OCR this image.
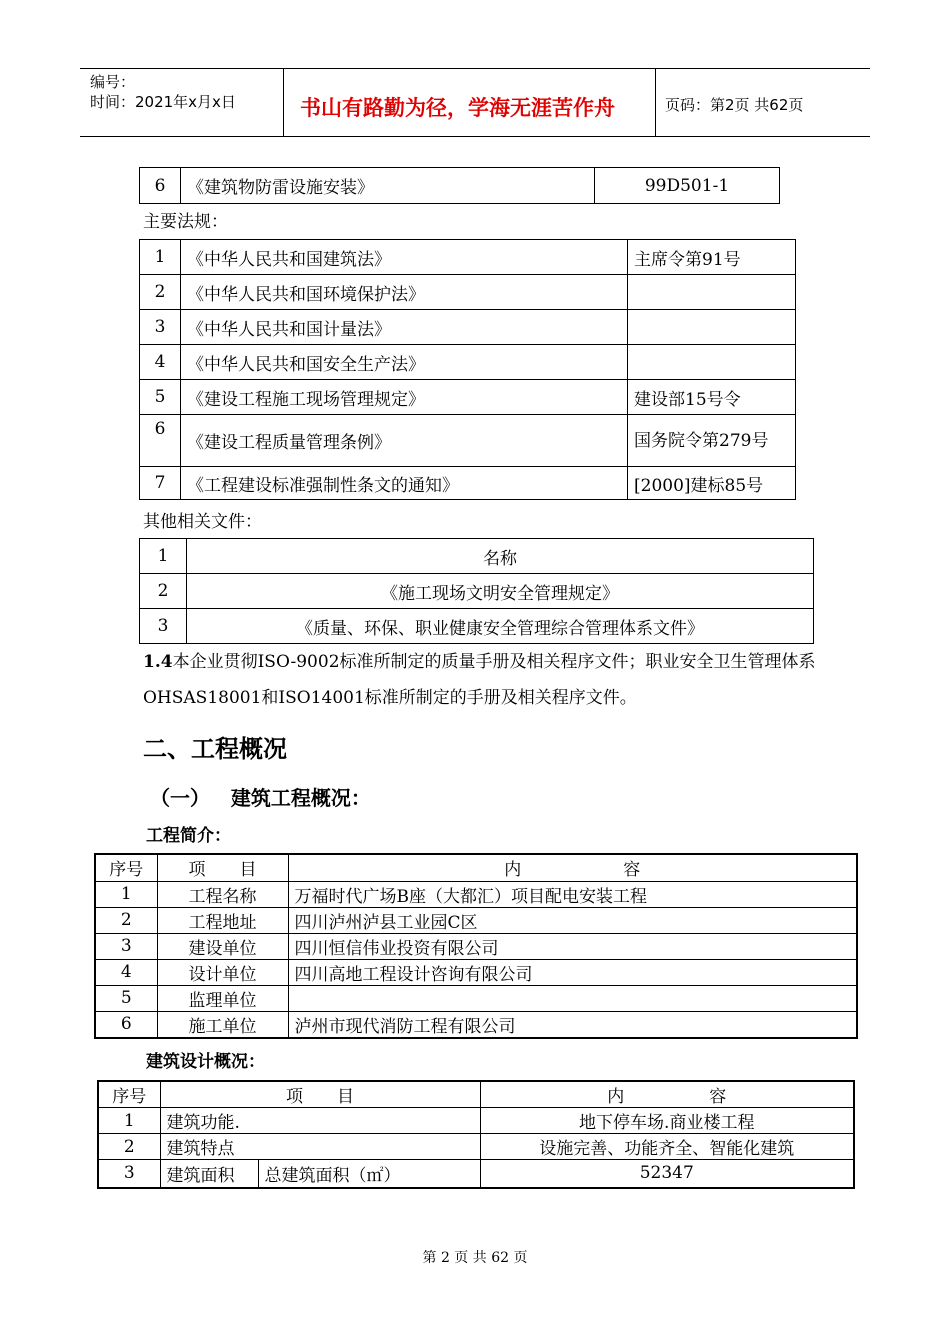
编号：
时间：2021年x月x日	书山有路勤为径，学海无涯苦作舟	页码：第2页 共62页
6	《建筑物防雷设施安装》	99D501-1
主要法规：
1	《中华人民共和国建筑法》	主席令第91号
2	《中华人民共和国环境保护法》	
3	《中华人民共和国计量法》	
4	《中华人民共和国安全生产法》	
5	《建设工程施工现场管理规定》	建设部15号令
6	《建设工程质量管理条例》	国务院令第279号
7	《工程建设标准强制性条文的通知》	[2000]建标85号
其他相关文件：
1	名称
2	《施工现场文明安全管理规定》
3	《质量、环保、职业健康安全管理综合管理体系文件》
1.4本企业贯彻ISO-9002标准所制定的质量手册及相关程序文件；职业安全卫生管理体系OHSAS18001和ISO14001标准所制定的手册及相关程序文件。
二、工程概况
（一）   建筑工程概况：
工程简介：
序号	项　　目	内　　　　　　容
1	工程名称	万福时代广场B座（大都汇）项目配电安装工程
2	工程地址	四川泸州泸县工业园C区
3	建设单位	四川恒信伟业投资有限公司
4	设计单位	四川高地工程设计咨询有限公司
5	监理单位	
6	施工单位	泸州市现代消防工程有限公司
建筑设计概况：
序号	项　　目		内　　　　　容
1	建筑功能.		地下停车场.商业楼工程
2	建筑特点		设施完善、功能齐全、智能化建筑
3	建筑面积	总建筑面积（㎡）	52347
第 2 页 共 62 页
